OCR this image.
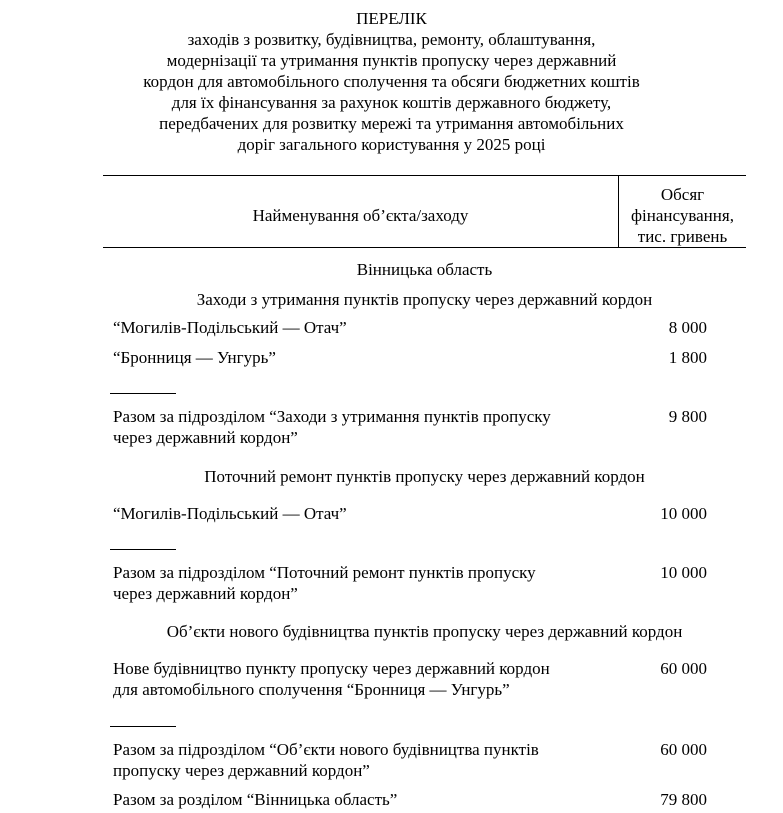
ПЕРЕЛІК
заходів з розвитку, будівництва, ремонту, облаштування,
модернізації та утримання пунктів пропуску через державний
кордон для автомобільного сполучення та обсяги бюджетних коштів
для їх фінансування за рахунок коштів державного бюджету,
передбачених для розвитку мережі та утримання автомобільних
доріг загального користування у 2025 році
Найменування об’єкта/заходу
Обсяг
фінансування,
тис. гривень
Вінницька область
Заходи з утримання пунктів пропуску через державний кордон
“Могилів-Подільський — Отач”	8 000
“Бронниця — Унгурь”	1 800
Разом за підрозділом “Заходи з утримання пунктів пропуску
через державний кордон”
9 800
Поточний ремонт пунктів пропуску через державний кордон
“Могилів-Подільський — Отач”	10 000
Разом за підрозділом “Поточний ремонт пунктів пропуску
через державний кордон”
10 000
Об’єкти нового будівництва пунктів пропуску через державний кордон
Нове будівництво пункту пропуску через державний кордон
для автомобільного сполучення “Бронниця — Унгурь”
60 000
Разом за підрозділом “Об’єкти нового будівництва пунктів
пропуску через державний кордон”
60 000
Разом за розділом “Вінницька область”	79 800
